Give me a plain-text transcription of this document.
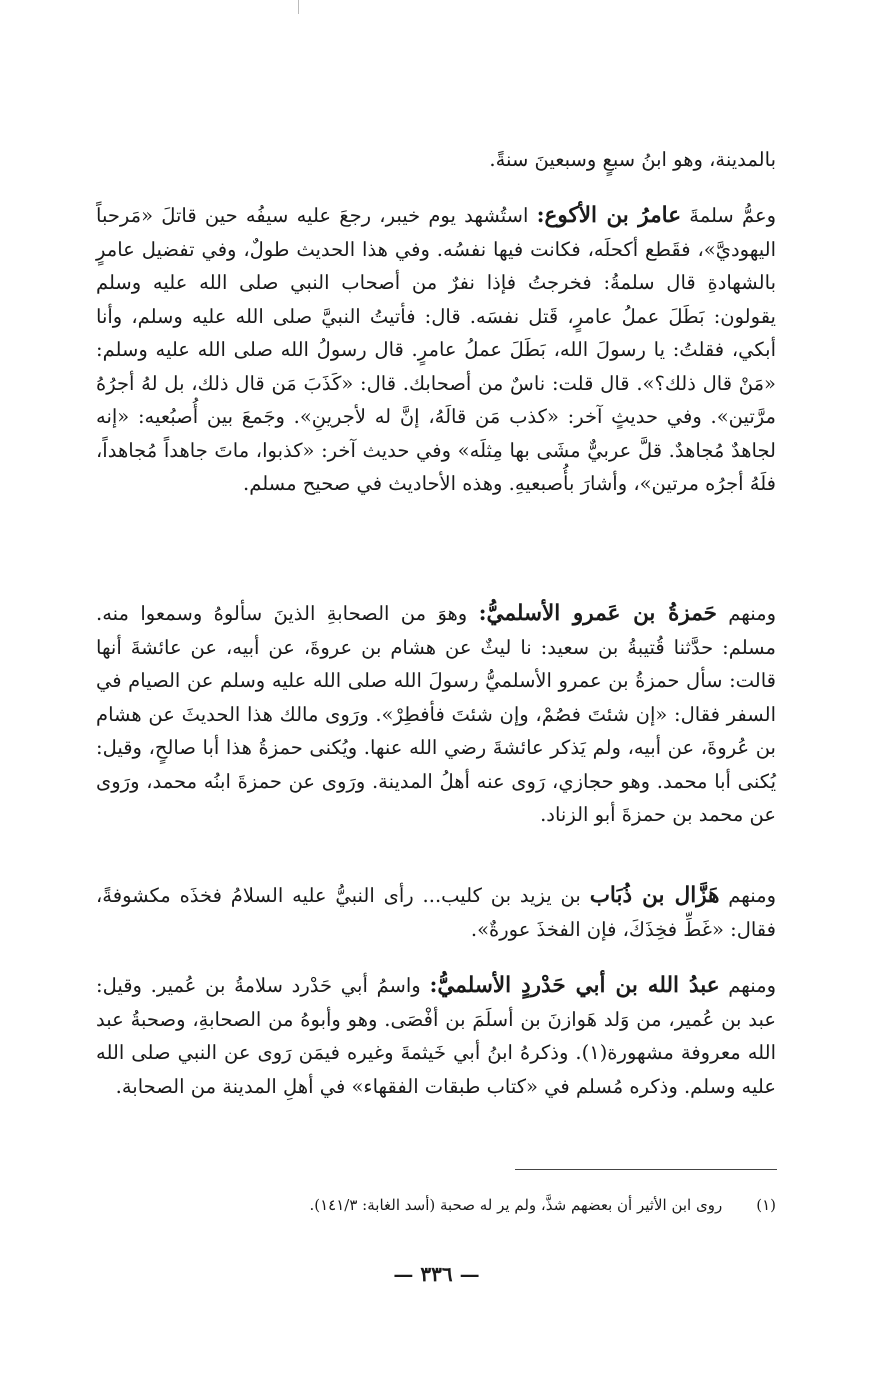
بالمدينة، وهو ابنُ سبعٍ وسبعينَ سنةً.

وعمُّ سلمةَ عامرُ بن الأكوع: استُشهد يوم خيبر، رجعَ عليه سيفُه حين قاتلَ «مَرحباً اليهوديَّ»، فقَطع أكحلَه، فكانت فيها نفسُه. وفي هذا الحديث طولٌ، وفي تفضيل عامرٍ بالشهادةِ قال سلمةُ: فخرجتُ فإذا نفرٌ من أصحاب النبي صلى الله عليه وسلم يقولون: بَطَلَ عملُ عامرٍ، قَتل نفسَه. قال: فأتيتُ النبيَّ صلى الله عليه وسلم، وأنا أبكي، فقلتُ: يا رسولَ الله، بَطَلَ عملُ عامرٍ. قال رسولُ الله صلى الله عليه وسلم: «مَنْ قال ذلك؟». قال قلت: ناسٌ من أصحابك. قال: «كَذَبَ مَن قال ذلك، بل لهُ أجرُهُ مرَّتين». وفي حديثٍ آخر: «كذب مَن قالَهُ، إنَّ له لأجرينِ». وجَمعَ بين أُصبُعيه: «إنه لجاهدٌ مُجاهدٌ. قلَّ عربيٌّ مشَى بها مِثلَه» وفي حديث آخر: «كذبوا، ماتَ جاهداً مُجاهداً، فلَهُ أجرُه مرتين»، وأشارَ بأُصبعيهِ. وهذه الأحاديث في صحيح مسلم.

ومنهم حَمزةُ بن عَمرو الأسلميُّ: وهوَ من الصحابةِ الذينَ سألوهُ وسمعوا منه. مسلم: حدَّثنا قُتيبةُ بن سعيد: نا ليثٌ عن هشام بن عروةَ، عن أبيه، عن عائشةَ أنها قالت: سأل حمزةُ بن عمرو الأسلميُّ رسولَ الله صلى الله عليه وسلم عن الصيام في السفر فقال: «إن شئتَ فصُمْ، وإن شئتَ فأفطِرْ». ورَوى مالك هذا الحديثَ عن هشام بن عُروةَ، عن أبيه، ولم يَذكر عائشةَ رضي الله عنها. ويُكنى حمزةُ هذا أبا صالحٍ، وقيل: يُكنى أبا محمد. وهو حجازي، رَوى عنه أهلُ المدينة. ورَوى عن حمزةَ ابنُه محمد، ورَوى عن محمد بن حمزةَ أبو الزناد.

ومنهم هَزَّال بن ذُبَاب بن يزيد بن كليب... رأى النبيُّ عليه السلامُ فخذَه مكشوفةً، فقال: «غَطِّ فخِذَكَ، فإن الفخذَ عورةٌ».

ومنهم عبدُ الله بن أبي حَدْردٍ الأسلميُّ: واسمُ أبي حَدْرد سلامةُ بن عُمير. وقيل: عبد بن عُمير، من وَلد هَوازنَ بن أسلَمَ بن أفْصَى. وهو وأبوهُ من الصحابةِ، وصحبةُ عبد الله معروفة مشهورة(١). وذكرهُ ابنُ أبي خَيثمةَ وغيره فيمَن رَوى عن النبي صلى الله عليه وسلم. وذكره مُسلم في «كتاب طبقات الفقهاء» في أهلِ المدينة من الصحابة.

(١)روى ابن الأثير أن بعضهم شذَّ، ولم ير له صحبة (أسد الغابة: ١٤١/٣).
— ٣٣٦ —
